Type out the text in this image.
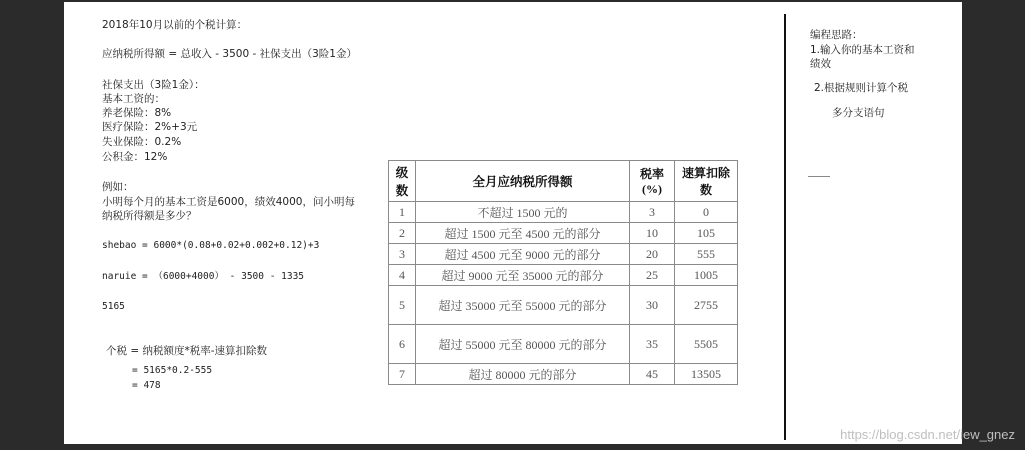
2018年10月以前的个税计算：
应纳税所得额 = 总收入 - 3500 - 社保支出（3险1金）
社保支出（3险1金）：
基本工资的：
养老保险：8%
医疗保险：2%+3元
失业保险：0.2%
公积金：12%
例如：
小明每个月的基本工资是6000，绩效4000，问小明每
纳税所得额是多少？
shebao = 6000*(0.08+0.02+0.002+0.12)+3
naruie = （6000+4000） - 3500 - 1335
5165
个税 = 纳税额度*税率-速算扣除数
= 5165*0.2-555
= 478
级数	全月应纳税所得额	税率(%)	速算扣除数
1	不超过 1500 元的	3	0
2	超过 1500 元至 4500 元的部分	10	105
3	超过 4500 元至 9000 元的部分	20	555
4	超过 9000 元至 35000 元的部分	25	1005
5	超过 35000 元至 55000 元的部分	30	2755
6	超过 55000 元至 80000 元的部分	35	5505
7	超过 80000 元的部分	45	13505
编程思路：
1.输入你的基本工资和
绩效
2.根据规则计算个税
多分支语句
https://blog.csdn.net/iew_gnez
